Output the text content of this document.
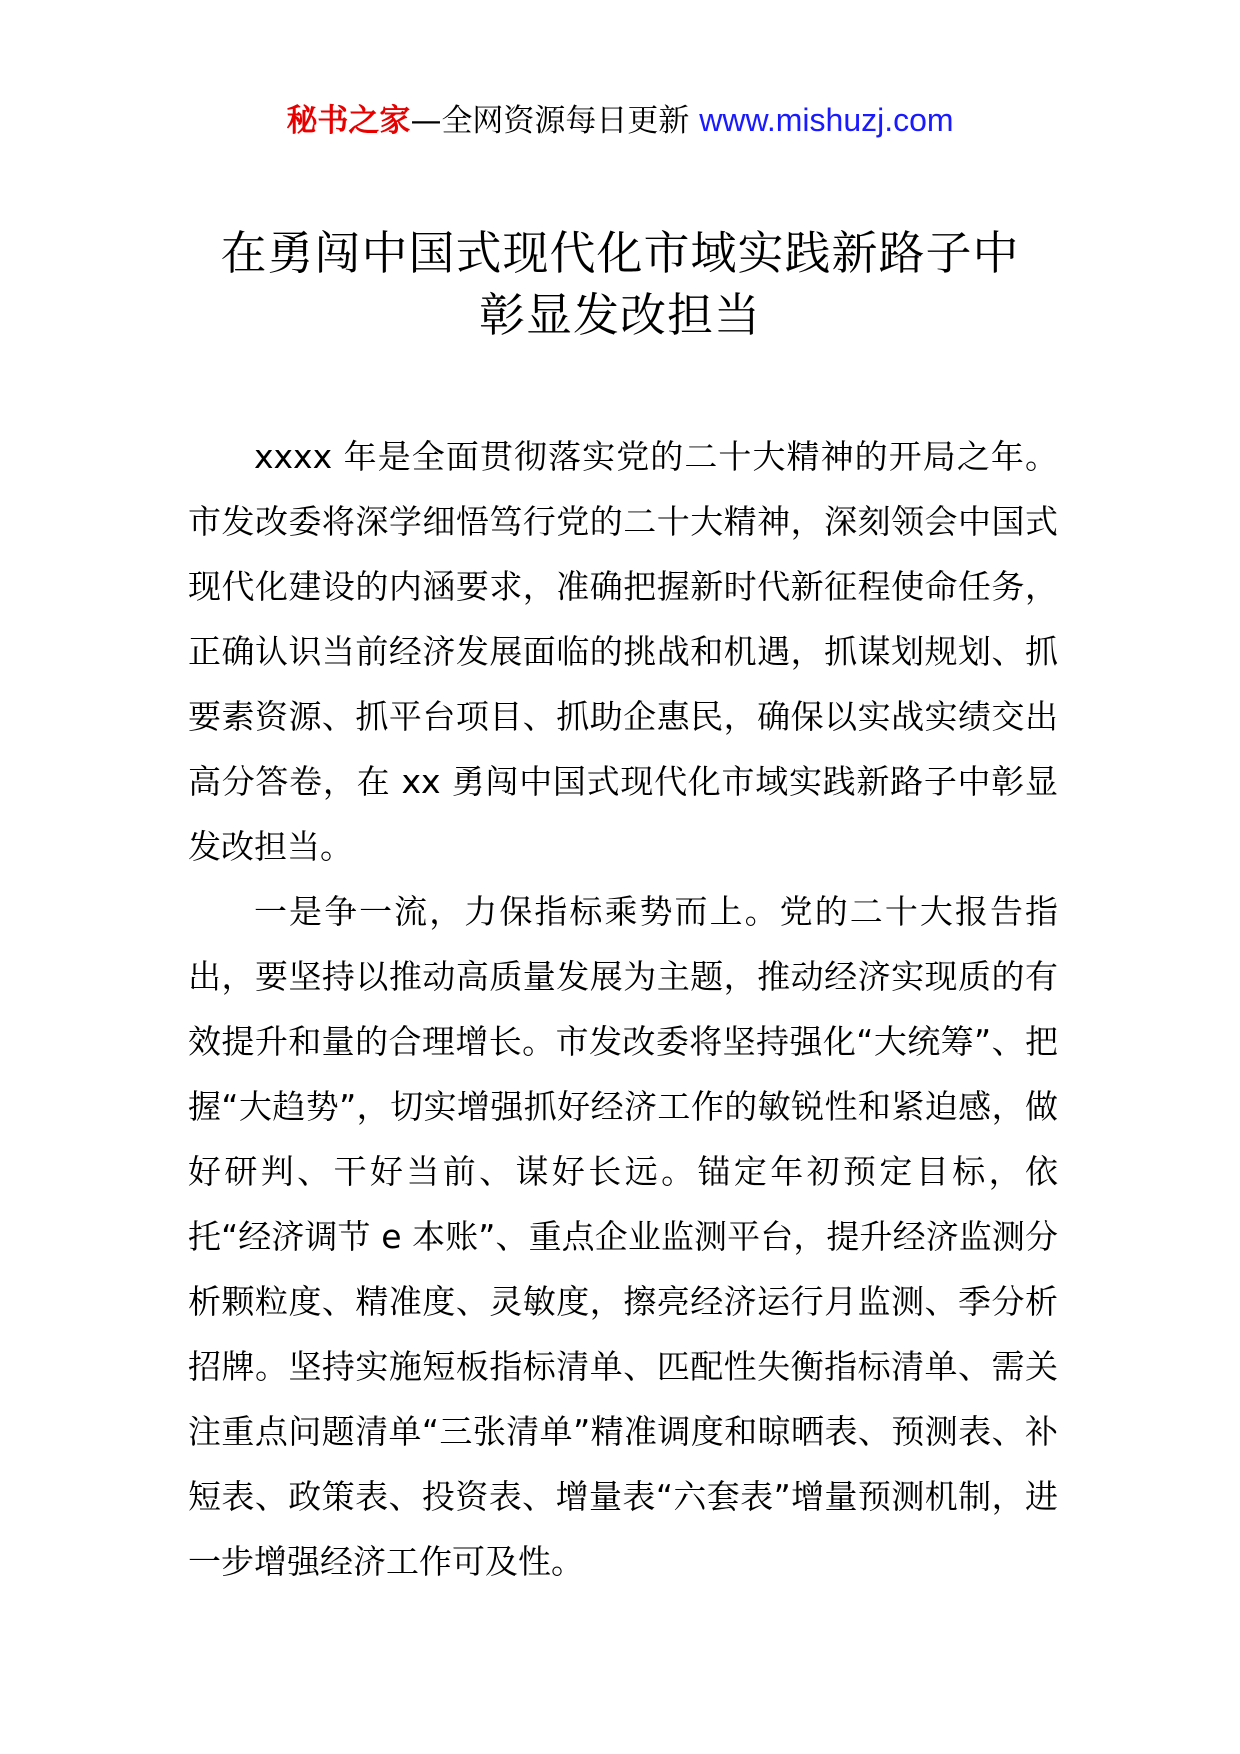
秘书之家—全网资源每日更新 www.mishuzj.com
在勇闯中国式现代化市域实践新路子中
彰显发改担当

xxxx 年是全面贯彻落实党的二十大精神的开局之年。市发改委将深学细悟笃行党的二十大精神，深刻领会中国式现代化建设的内涵要求，准确把握新时代新征程使命任务，正确认识当前经济发展面临的挑战和机遇，抓谋划规划、抓要素资源、抓平台项目、抓助企惠民，确保以实战实绩交出高分答卷，在 xx 勇闯中国式现代化市域实践新路子中彰显发改担当。

一是争一流，力保指标乘势而上。党的二十大报告指出，要坚持以推动高质量发展为主题，推动经济实现质的有效提升和量的合理增长。市发改委将坚持强化“大统筹”、把握“大趋势”，切实增强抓好经济工作的敏锐性和紧迫感，做好研判、干好当前、谋好长远。锚定年初预定目标，依托“经济调节 e 本账”、重点企业监测平台，提升经济监测分析颗粒度、精准度、灵敏度，擦亮经济运行月监测、季分析招牌。坚持实施短板指标清单、匹配性失衡指标清单、需关注重点问题清单“三张清单”精准调度和晾晒表、预测表、补短表、政策表、投资表、增量表“六套表”增量预测机制，进一步增强经济工作可及性。
